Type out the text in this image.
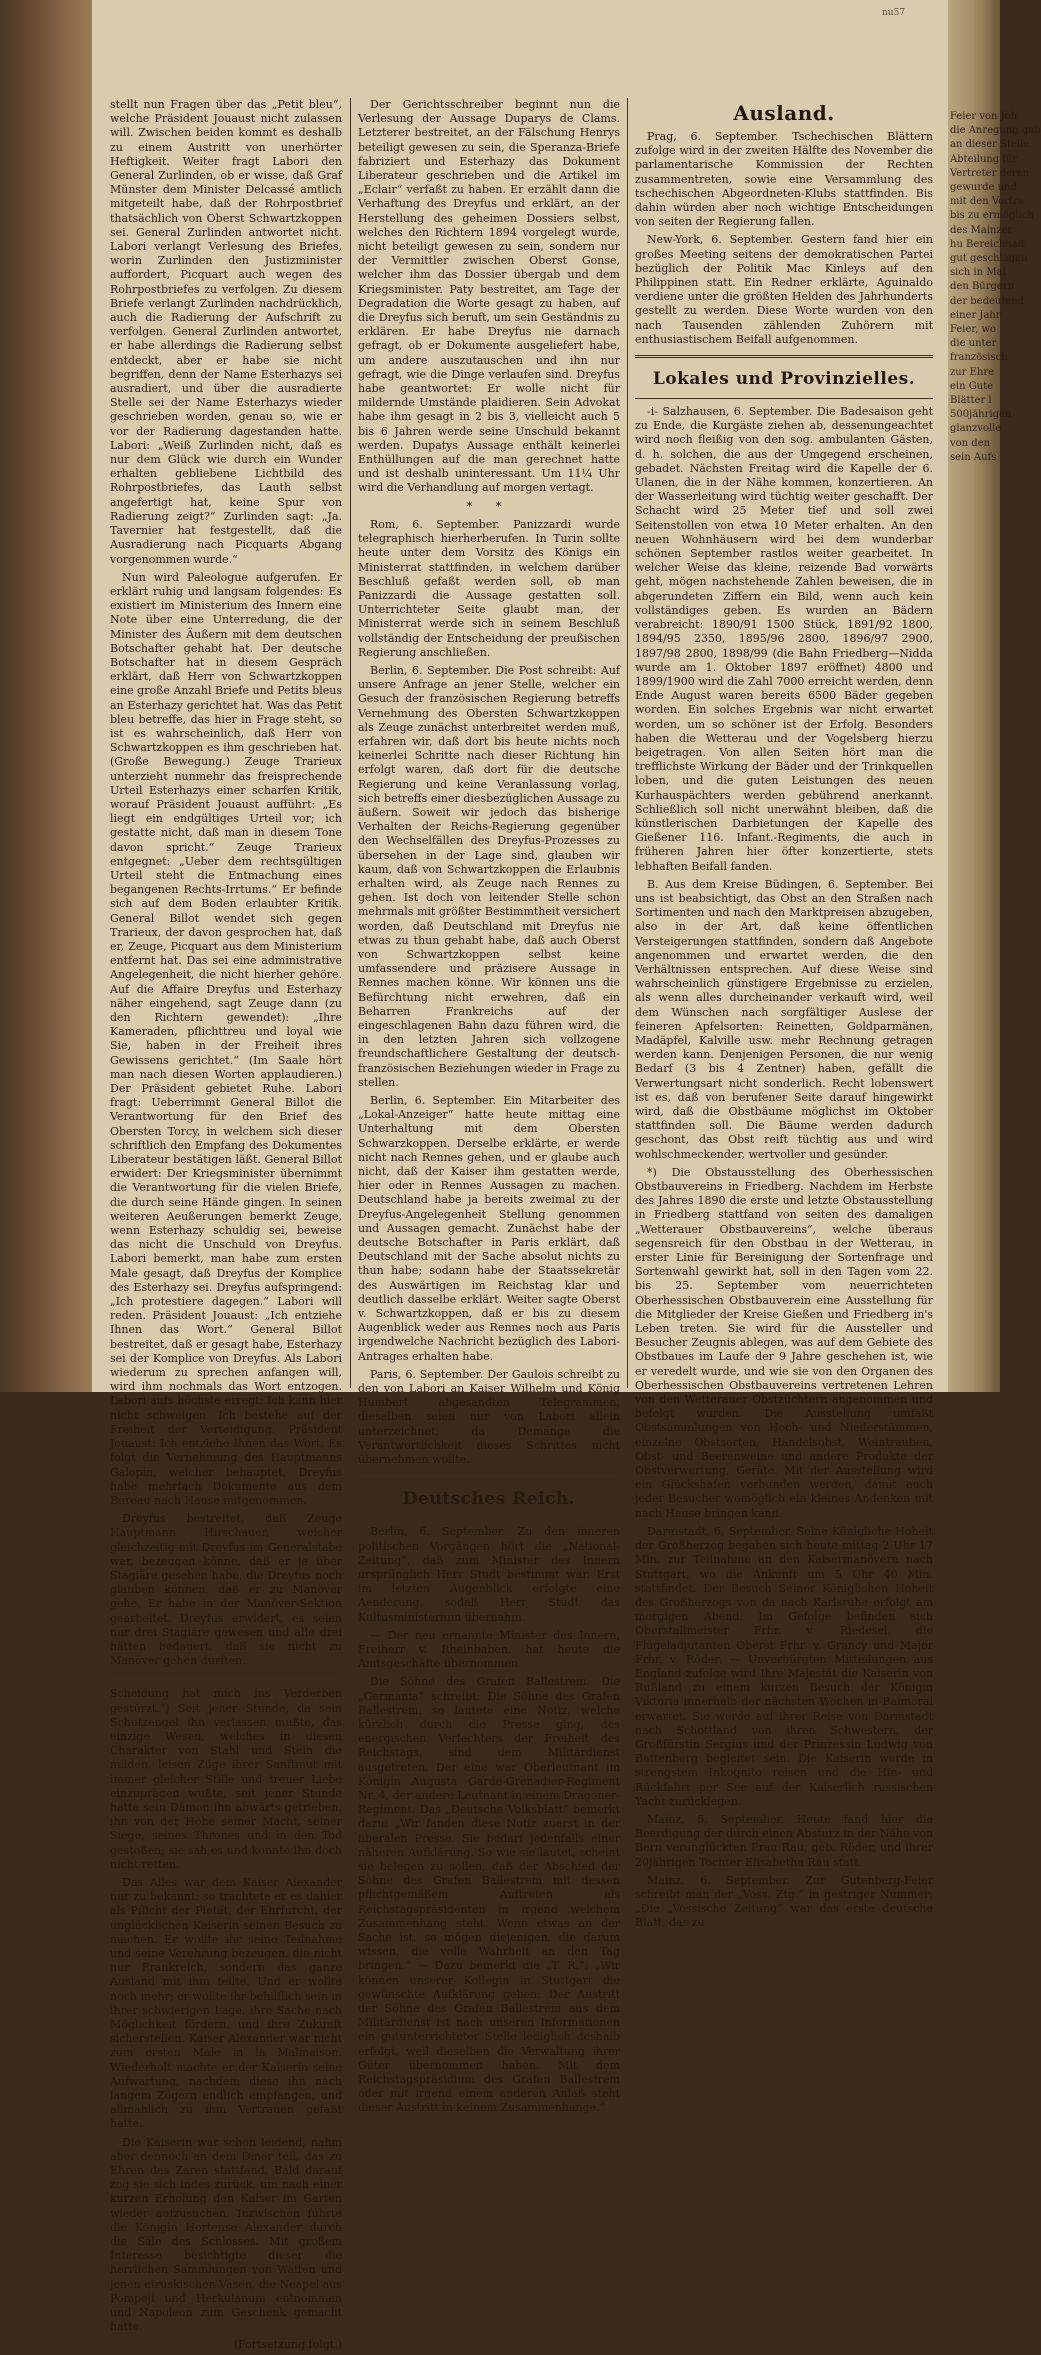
nu57

stellt nun Fragen über das „Petit bleu“, welche Präsident Jouaust nicht zulassen will. Zwischen beiden kommt es deshalb zu einem Austritt von unerhörter Heftigkeit. Weiter fragt Labori den General Zurlinden, ob er wisse, daß Graf Münster dem Minister Delcassé amtlich mitgeteilt habe, daß der Rohrpostbrief thatsächlich von Oberst Schwartzkoppen sei. General Zurlinden antwortet nicht. Labori verlangt Verlesung des Briefes, worin Zurlinden den Justizminister auffordert, Picquart auch wegen des Rohrpostbriefes zu verfolgen. Zu diesem Briefe verlangt Zurlinden nachdrücklich, auch die Radierung der Aufschrift zu verfolgen. General Zurlinden antwortet, er habe allerdings die Radierung selbst entdeckt, aber er habe sie nicht begriffen, denn der Name Esterhazys sei ausradiert, und über die ausradierte Stelle sei der Name Esterhazys wieder geschrieben worden, genau so, wie er vor der Radierung dagestanden hatte. Labori: „Weiß Zurlinden nicht, daß es nur dem Glück wie durch ein Wunder erhalten gebliebene Lichtbild des Rohrpostbriefes, das Lauth selbst angefertigt hat, keine Spur von Radierung zeigt?“ Zurlinden sagt: „Ja. Tavernier hat festgestellt, daß die Ausradierung nach Picquarts Abgang vorgenommen wurde.“

Nun wird Paleologue aufgerufen. Er erklärt ruhig und langsam folgendes: Es existiert im Ministerium des Innern eine Note über eine Unterredung, die der Minister des Äußern mit dem deutschen Botschafter gehabt hat. Der deutsche Botschafter hat in diesem Gespräch erklärt, daß Herr von Schwartzkoppen eine große Anzahl Briefe und Petits bleus an Esterhazy gerichtet hat. Was das Petit bleu betreffe, das hier in Frage steht, so ist es wahrscheinlich, daß Herr von Schwartzkoppen es ihm geschrieben hat. (Große Bewegung.) Zeuge Trarieux unterzieht nunmehr das freisprechende Urteil Esterhazys einer scharfen Kritik, worauf Präsident Jouaust aufführt: „Es liegt ein endgültiges Urteil vor; ich gestatte nicht, daß man in diesem Tone davon spricht.“ Zeuge Trarieux entgegnet: „Ueber dem rechtsgültigen Urteil steht die Entmachung eines begangenen Rechts-Irrtums.“ Er befinde sich auf dem Boden erlaubter Kritik. General Billot wendet sich gegen Trarieux, der davon gesprochen hat, daß er, Zeuge, Picquart aus dem Ministerium entfernt hat. Das sei eine administrative Angelegenheit, die nicht hierher gehöre. Auf die Affaire Dreyfus und Esterhazy näher eingehend, sagt Zeuge dann (zu den Richtern gewendet): „Ihre Kameraden, pflichttreu und loyal wie Sie, haben in der Freiheit ihres Gewissens gerichtet.“ (Im Saale hört man nach diesen Worten applaudieren.) Der Präsident gebietet Ruhe. Labori fragt: Ueberrimmt General Billot die Verantwortung für den Brief des Obersten Torcy, in welchem sich dieser schriftlich den Empfang des Dokumentes Liberateur bestätigen läßt. General Billot erwidert: Der Kriegsminister übernimmt die Verantwortung für die vielen Briefe, die durch seine Hände gingen. In seinen weiteren Aeußerungen bemerkt Zeuge, wenn Esterhazy schuldig sei, beweise das nicht die Unschuld von Dreyfus. Labori bemerkt, man habe zum ersten Male gesagt, daß Dreyfus der Komplice des Esterhazy sei. Dreyfus aufspringend: „Ich protestiere dagegen.“ Labori will reden. Präsident Jouaust: „Ich entziehe Ihnen das Wort.“ General Billot bestreitet, daß er gesagt habe, Esterhazy sei der Komplice von Dreyfus. Als Labori wiederum zu sprechen anfangen will, wird ihm nochmals das Wort entzogen. Labori aufs höchste erregt: Ich kann hier nicht schweigen. Ich bestehe auf der Freiheit der Verteidigung. Präsident Jouaust: Ich entziehe Ihnen das Wort. Es folgt die Vernehmung des Hauptmanns Galopin, welcher behauptet, Dreyfus habe mehrfach Dokumente aus dem Bureau nach Hause mitgenommen.

Dreyfus bestreitet, daß Zeuge Hauptmann Hirschauer, welcher gleichzeitig mit Dreyfus im Generalstabe war, bezeugen könne, daß er je über Stagiäre gesehen habe, die Dreyfus noch glauben können, daß er zu Manöver gehe. Er habe in der Manöver-Sektion gearbeitet. Dreyfus erwidert, es seien nur drei Stagiäre gewesen und alle drei hätten bedauert, daß sie nicht zu Manöver gehen durften.

Scheidung hat mich ins Verderben gestürzt.“) Seit jener Stunde, da sein Schutzengel ihn verlassen mußte, das einzige Wesen, welches in diesen Charakter von Stahl und Stein die milden, leisen Züge ihrer Sanftmut mit immer gleicher Stille und treuer Liebe einzuprägen wußte, seit jener Stunde hatte sein Dämon ihn abwärts getrieben, ihn von der Höhe seiner Macht, seiner Siege, seines Thrones und in den Tod gestoßen; sie sah es und konnte ihn doch nicht retten.

Das Alles war dem Kaiser Alexander nur zu bekannt; so trachtete er es dahier als Pflicht der Pietät, der Ehrfurcht, der unglücklichen Kaiserin seinen Besuch zu machen. Er wollte ihr seine Teilnahme und seine Verehrung bezeugen, die nicht nur Frankreich, sondern das ganze Ausland mit ihm teilte. Und er wollte noch mehr; er wollte ihr behilflich sein in ihrer schwierigen Lage, ihre Sache nach Möglichkeit fördern, und ihre Zukunft sicherstellen. Kaiser Alexander war nicht zum ersten Male in la Malmaison. Wiederholt machte er der Kaiserin seine Aufwartung, nachdem diese ihn nach langem Zögern endlich empfangen, und allmählich zu ihm Vertrauen gefaßt hatte.

Die Kaiserin war schon leidend, nahm aber dennoch an dem Diner teil, das zu Ehren des Zaren stattfand. Bald darauf zog sie sich indes zurück, um nach einer kurzen Erholung den Kaiser im Garten wieder aufzusuchen. Inzwischen führte die Königin Hortense Alexander durch die Säle des Schlosses. Mit großem Interesse besichtigte dieser die herrlichen Sammlungen von Waffen und jenen etruskischen Vasen, die Neapel aus Pompeji und Herkulanum entnommen und Napoleon zum Geschenk gemacht hatte.

(Fortsetzung folgt.)

Der Gerichtsschreiber beginnt nun die Verlesung der Aussage Duparys de Clams. Letzterer bestreitet, an der Fälschung Henrys beteiligt gewesen zu sein, die Speranza-Briefe fabriziert und Esterhazy das Dokument Liberateur geschrieben und die Artikel im „Eclair“ verfaßt zu haben. Er erzählt dann die Verhaftung des Dreyfus und erklärt, an der Herstellung des geheimen Dossiers selbst, welches den Richtern 1894 vorgelegt wurde, nicht beteiligt gewesen zu sein, sondern nur der Vermittler zwischen Oberst Gonse, welcher ihm das Dossier übergab und dem Kriegsminister. Paty bestreitet, am Tage der Degradation die Worte gesagt zu haben, auf die Dreyfus sich beruft, um sein Geständnis zu erklären. Er habe Dreyfus nie darnach gefragt, ob er Dokumente ausgeliefert habe, um andere auszutauschen und ihn nur gefragt, wie die Dinge verlaufen sind. Dreyfus habe geantwortet: Er wolle nicht für mildernde Umstände plaidieren. Sein Advokat habe ihm gesagt in 2 bis 3, vielleicht auch 5 bis 6 Jahren werde seine Unschuld bekannt werden. Dupatys Aussage enthält keinerlei Enthüllungen auf die man gerechnet hatte und ist deshalb uninteressant. Um 11¼ Uhr wird die Verhandlung auf morgen vertagt.

* *

Rom, 6. September. Panizzardi wurde telegraphisch hierherberufen. In Turin sollte heute unter dem Vorsitz des Königs ein Ministerrat stattfinden, in welchem darüber Beschluß gefaßt werden soll, ob man Panizzardi die Aussage gestatten soll. Unterrichteter Seite glaubt man, der Ministerrat werde sich in seinem Beschluß vollständig der Entscheidung der preußischen Regierung anschließen.

Berlin, 6. September. Die Post schreibt: Auf unsere Anfrage an jener Stelle, welcher ein Gesuch der französischen Regierung betreffs Vernehmung des Obersten Schwartzkoppen als Zeuge zunächst unterbreitet werden muß, erfahren wir, daß dort bis heute nichts noch keinerlei Schritte nach dieser Richtung hin erfolgt waren, daß dort für die deutsche Regierung und keine Veranlassung vorlag, sich betreffs einer diesbezüglichen Aussage zu äußern. Soweit wir jedoch das bisherige Verhalten der Reichs-Regierung gegenüber den Wechselfällen des Dreyfus-Prozesses zu übersehen in der Lage sind, glauben wir kaum, daß von Schwartzkoppen die Erlaubnis erhalten wird, als Zeuge nach Rennes zu gehen. Ist doch von leitender Stelle schon mehrmals mit größter Bestimmtheit versichert worden, daß Deutschland mit Dreyfus nie etwas zu thun gehabt habe, daß auch Oberst von Schwartzkoppen selbst keine umfassendere und präzisere Aussage in Rennes machen könne. Wir können uns die Befürchtung nicht erwehren, daß ein Beharren Frankreichs auf der eingeschlagenen Bahn dazu führen wird, die in den letzten Jahren sich vollzogene freundschaftlichere Gestaltung der deutsch-französischen Beziehungen wieder in Frage zu stellen.

Berlin, 6. September. Ein Mitarbeiter des „Lokal-Anzeiger“ hatte heute mittag eine Unterhaltung mit dem Obersten Schwarzkoppen. Derselbe erklärte, er werde nicht nach Rennes gehen, und er glaube auch nicht, daß der Kaiser ihm gestatten werde, hier oder in Rennes Aussagen zu machen. Deutschland habe ja bereits zweimal zu der Dreyfus-Angelegenheit Stellung genommen und Aussagen gemacht. Zunächst habe der deutsche Botschafter in Paris erklärt, daß Deutschland mit der Sache absolut nichts zu thun habe; sodann habe der Staatssekretär des Auswärtigen im Reichstag klar und deutlich dasselbe erklärt. Weiter sagte Oberst v. Schwartzkoppen, daß er bis zu diesem Augenblick weder aus Rennes noch aus Paris irgendwelche Nachricht bezüglich des Labori-Antrages erhalten habe.

Paris, 6. September. Der Gaulois schreibt zu den von Labori an Kaiser Wilhelm und König Humbert abgesandten Telegrammen, dieselben seien nur von Labori allein unterzeichnet, da Demange die Verantwortlichkeit dieses Schrittes nicht übernehmen wollte.

Deutsches Reich.

Berlin, 6. September. Zu den inneren politischen Vorgängen hört die „National-Zeitung“, daß zum Minister des Innern ursprünglich Herr Studt bestimmt war. Erst im letzten Augenblick erfolgte eine Aenderung, sodaß Herr Studt das Kultusministerium übernahm.

— Der neu ernannte Minister des Innern, Freiherr v. Rheinbaben, hat heute die Amtsgeschäfte übernommen.

Die Söhne des Grafen Ballestrem. Die „Germania“ schreibt: Die Söhne des Grafen Ballestrem, so lautete eine Notiz, welche kürzlich durch die Presse ging, des energischen Verfechters der Freiheit des Reichstags, sind dem Militärdienst ausgetreten. Der eine war Oberleutnant im Königin Augusta Garde-Grenadier-Regiment Nr. 4, der andere Leutnant in einem Dragoner-Regiment. Das „Deutsche Volksblatt“ bemerkt dazu: „Wir fanden diese Notiz zuerst in der liberalen Presse. Sie bedarf jedenfalls einer näheren Aufklärung. So wie sie lautet, scheint sie belegen zu sollen, daß der Abschied der Söhne des Grafen Ballestrem mit dessen pflichtgemäßem Auftreten als Reichstagspräsidenten in irgend welchem Zusammenhang steht. Wenn etwas an der Sache ist, so mögen diejenigen, die darum wissen, die volle Wahrheit an den Tag bringen.“ — Dazu bemerkt die „T. R.“: „Wir können unserer Kollegin in Stuttgart die gewünschte Aufklärung geben: Der Austritt der Söhne des Grafen Ballestrem aus dem Militärdienst ist nach unseren Informationen ein gutunterrichteter Stelle lediglich deshalb erfolgt, weil dieselben die Verwaltung ihrer Güter übernommen haben. Mit dem Reichstagspräsidium des Grafen Ballestrem oder mit irgend einem anderen Anlaß steht dieser Austritt in keinem Zusammenhange.“

Ausland.

Prag, 6. September. Tschechischen Blättern zufolge wird in der zweiten Hälfte des November die parlamentarische Kommission der Rechten zusammentreten, sowie eine Versammlung des tschechischen Abgeordneten-Klubs stattfinden. Bis dahin würden aber noch wichtige Entscheidungen von seiten der Regierung fallen.

New-York, 6. September. Gestern fand hier ein großes Meeting seitens der demokratischen Partei bezüglich der Politik Mac Kinleys auf den Philippinen statt. Ein Redner erklärte, Aguinaldo verdiene unter die größten Helden des Jahrhunderts gestellt zu werden. Diese Worte wurden von den nach Tausenden zählenden Zuhörern mit enthusiastischem Beifall aufgenommen.

Lokales und Provinzielles.

-i- Salzhausen, 6. September. Die Badesaison geht zu Ende, die Kurgäste ziehen ab, dessenungeachtet wird noch fleißig von den sog. ambulanten Gästen, d. h. solchen, die aus der Umgegend erscheinen, gebadet. Nächsten Freitag wird die Kapelle der 6. Ulanen, die in der Nähe kommen, konzertieren. An der Wasserleitung wird tüchtig weiter geschafft. Der Schacht wird 25 Meter tief und soll zwei Seitenstollen von etwa 10 Meter erhalten. An den neuen Wohnhäusern wird bei dem wunderbar schönen September rastlos weiter gearbeitet. In welcher Weise das kleine, reizende Bad vorwärts geht, mögen nachstehende Zahlen beweisen, die in abgerundeten Ziffern ein Bild, wenn auch kein vollständiges geben. Es wurden an Bädern verabreicht: 1890/91 1500 Stück, 1891/92 1800, 1894/95 2350, 1895/96 2800, 1896/97 2900, 1897/98 2800, 1898/99 (die Bahn Friedberg—Nidda wurde am 1. Oktober 1897 eröffnet) 4800 und 1899/1900 wird die Zahl 7000 erreicht werden, denn Ende August waren bereits 6500 Bäder gegeben worden. Ein solches Ergebnis war nicht erwartet worden, um so schöner ist der Erfolg. Besonders haben die Wetterau und der Vogelsberg hierzu beigetragen. Von allen Seiten hört man die trefflichste Wirkung der Bäder und der Trinkquellen loben, und die guten Leistungen des neuen Kurhauspächters werden gebührend anerkannt. Schließlich soll nicht unerwähnt bleiben, daß die künstlerischen Darbietungen der Kapelle des Gießener 116. Infant.-Regiments, die auch in früheren Jahren hier öfter konzertierte, stets lebhaften Beifall fanden.

B. Aus dem Kreise Büdingen, 6. September. Bei uns ist beabsichtigt, das Obst an den Straßen nach Sortimenten und nach den Marktpreisen abzugeben, also in der Art, daß keine öffentlichen Versteigerungen stattfinden, sondern daß Angebote angenommen und erwartet werden, die den Verhältnissen entsprechen. Auf diese Weise sind wahrscheinlich günstigere Ergebnisse zu erzielen, als wenn alles durcheinander verkauft wird, weil dem Wünschen nach sorgfältiger Auslese der feineren Apfelsorten: Reinetten, Goldparmänen, Madäpfel, Kalville usw. mehr Rechnung getragen werden kann. Denjenigen Personen, die nur wenig Bedarf (3 bis 4 Zentner) haben, gefällt die Verwertungsart nicht sonderlich. Recht lobenswert ist es, daß von berufener Seite darauf hingewirkt wird, daß die Obstbäume möglichst im Oktober stattfinden soll. Die Bäume werden dadurch geschont, das Obst reift tüchtig aus und wird wohlschmeckender, wertvoller und gesünder.

*) Die Obstausstellung des Oberhessischen Obstbauvereins in Friedberg. Nachdem im Herbste des Jahres 1890 die erste und letzte Obstausstellung in Friedberg stattfand von seiten des damaligen „Wetterauer Obstbauvereins“, welche überaus segensreich für den Obstbau in der Wetterau, in erster Linie für Bereinigung der Sortenfrage und Sortenwahl gewirkt hat, soll in den Tagen vom 22. bis 25. September vom neuerrichteten Oberhessischen Obstbauverein eine Ausstellung für die Mitglieder der Kreise Gießen und Friedberg in's Leben treten. Sie wird für die Aussteller und Besucher Zeugnis ablegen, was auf dem Gebiete des Obstbaues im Laufe der 9 Jahre geschehen ist, wie er veredelt wurde, und wie sie von den Organen des Oberhessischen Obstbauvereins vertretenen Lehren von den Wetterauer Obstzüchtern angenommen und befolgt wurden. Die Ausstellung umfaßt Obstsammlungen von Hoch- und Niederstämmen, einzelne Obstsorten, Handelsobst, Weintrauben, Obst- und Beerenweine und andere Produkte der Obstverwertung, Geräte. Mit der Ausstellung wird ein Glückshafen verbunden werden, damit auch jeder Besucher womöglich ein kleines Andenken mit nach Hause bringen kann.

Darmstadt, 6. September. Seine Königliche Hoheit der Großherzog begaben sich heute mittag 2 Uhr 17 Min. zur Teilnahme an den Kaisermanövern nach Stuttgart, wo die Ankunft um 5 Uhr 40 Min. stattfindet. Der Besuch Seiner Königlichen Hoheit des Großherzogs von da nach Karlsruhe erfolgt am morgigen Abend. Im Gefolge befinden sich Oberstallmeister Frhr. v. Riedesel, die Flügeladjutanten Oberst Frhr. v. Grancy und Major Frhr. v. Röder. — Unverbürgten Mitteilungen aus England zufolge wird Ihre Majestät die Kaiserin von Rußland zu einem kurzen Besuch der Königin Viktoria innerhalb der nächsten Wochen in Balmoral erwartet. Sie werde auf ihrer Reise von Darmstadt nach Schottland von ihren Schwestern, der Großfürstin Sergius und der Prinzessin Ludwig von Battenberg begleitet sein. Die Kaiserin werde in strengstem Inkognito reisen und die Hin- und Rückfahrt per See auf der Kaiserlich russischen Yacht zurücklegen.

Mainz, 5. September. Heute fand hier die Beerdigung der durch einen Absturz in der Nähe von Bern verunglückten Frau Rau, geb. Röder, und ihrer 20jährigen Tochter Elisabetha Rau statt.

Mainz, 6. September. Zur Gutenberg-Feier schreibt man der „Voss. Ztg.“ in gestriger Nummer: „Die „Vossische Zeitung“ war das erste deutsche Blatt, das zu

Feier von Joh
die Anregung gab
an dieser Stelle
Abteilung für
Vertreter deren
gewurde und
mit den Vortra
bis zu ermöglich
des Mainzer
hu Bereichhalt
gut geschlagen
sich in Mai
den Bürgern
der bedeutend
einer Jahr
Feier, wo
die unter
französisch
zur Ehre
ein Gute
Blätter l
500jährigen
glanzvolle
von den
sein Aufs
